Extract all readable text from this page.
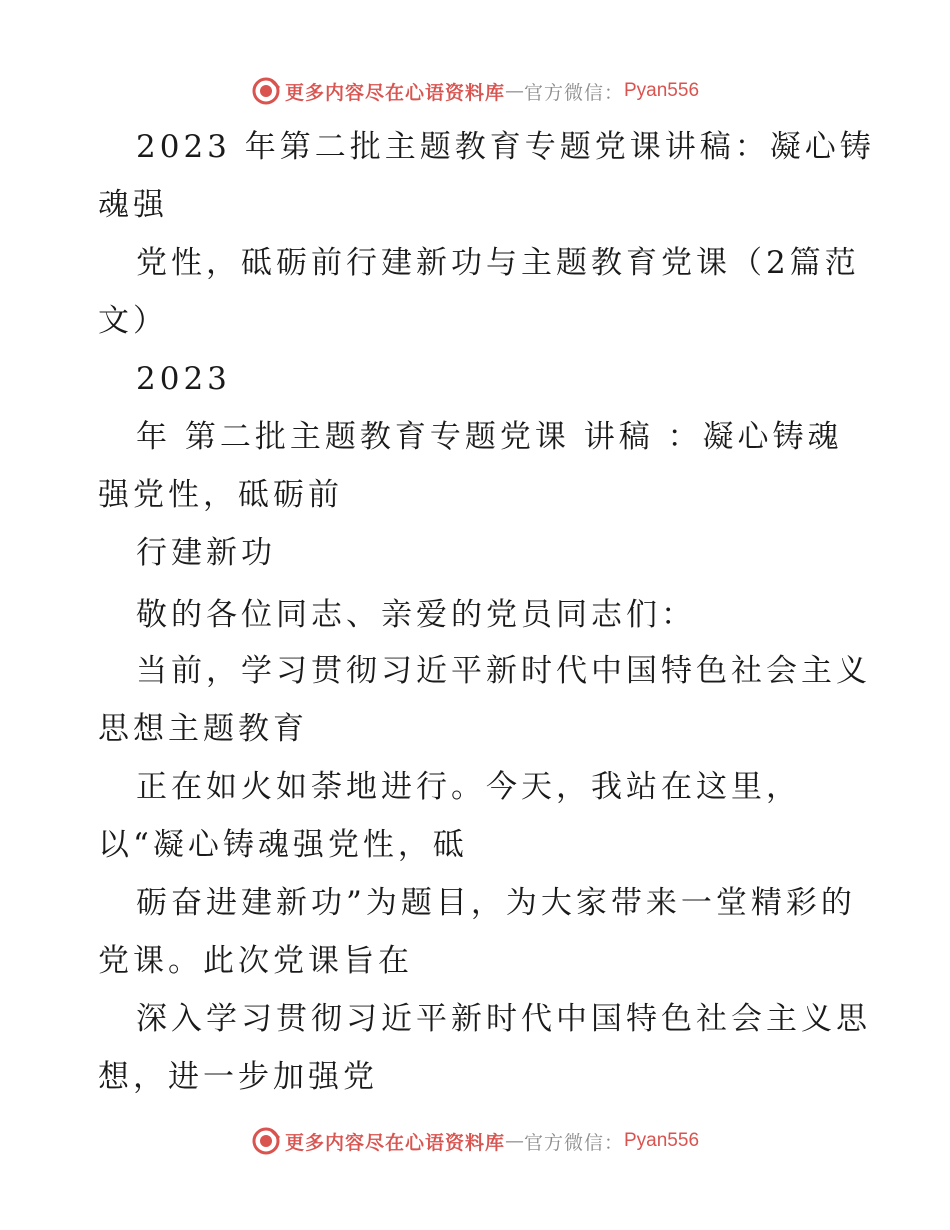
更多内容尽在心语资料库 — 官方微信： Pyan556
2023 年第二批主题教育专题党课讲稿：凝心铸
魂强
党性，砥砺前行建新功与主题教育党课（2篇范
文）
2023
年 第二批主题教育专题党课 讲稿 ：凝心铸魂
强党性，砥砺前
行建新功
敬的各位同志、亲爱的党员同志们：
当前，学习贯彻习近平新时代中国特色社会主义
思想主题教育
正在如火如荼地进行。今天，我站在这里，
以“凝心铸魂强党性，砥
砺奋进建新功”为题目，为大家带来一堂精彩的
党课。此次党课旨在
深入学习贯彻习近平新时代中国特色社会主义思
想，进一步加强党
更多内容尽在心语资料库 — 官方微信： Pyan556
